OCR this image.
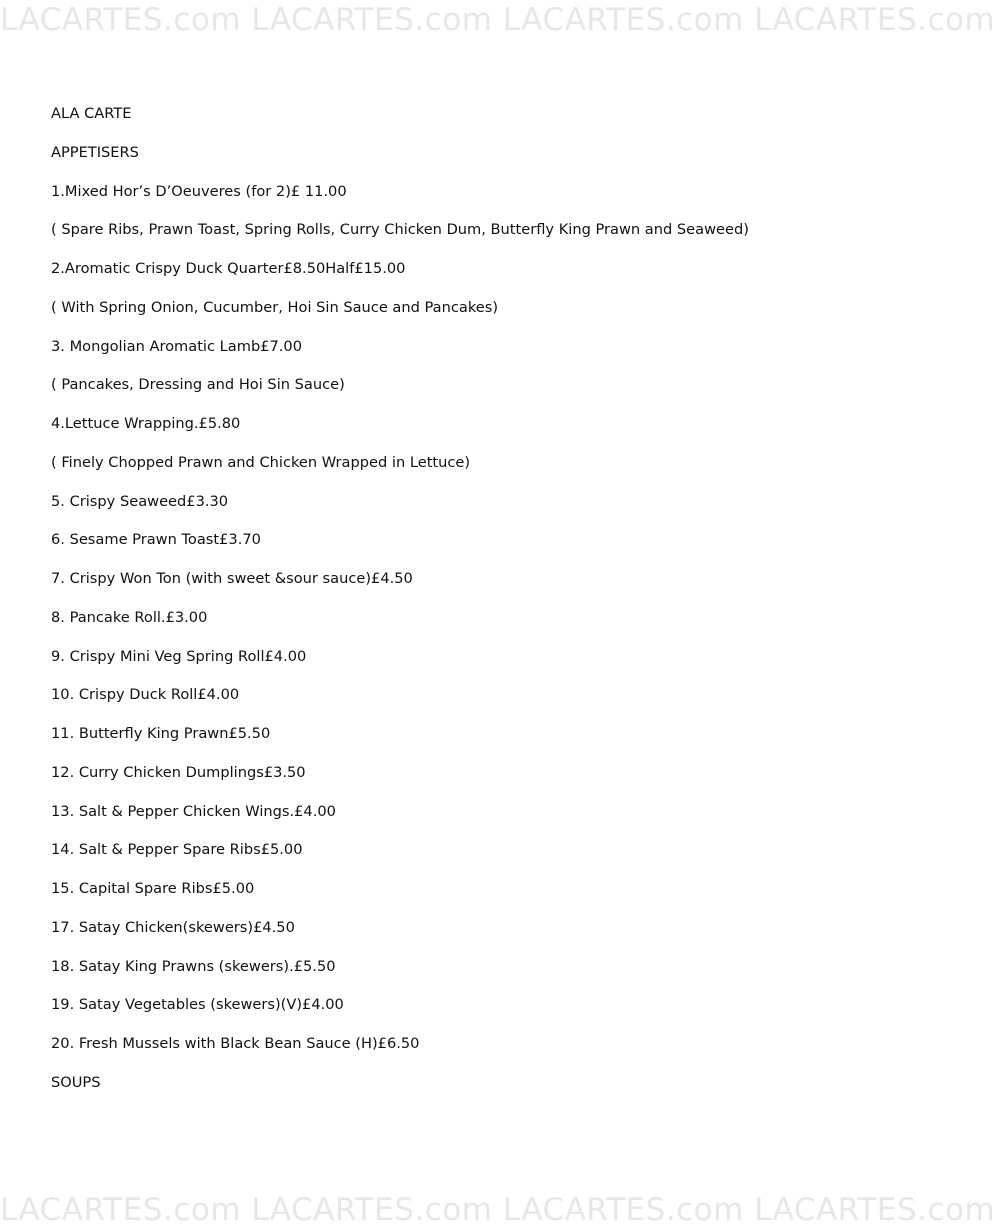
LACARTES.com LACARTES.com LACARTES.com LACARTES.com
ALA CARTE
APPETISERS
1.Mixed Hor’s D’Oeuveres (for 2)£ 11.00
( Spare Ribs, Prawn Toast, Spring Rolls, Curry Chicken Dum, Butterfly King Prawn and Seaweed)
2.Aromatic Crispy Duck Quarter£8.50Half£15.00
( With Spring Onion, Cucumber, Hoi Sin Sauce and Pancakes)
3. Mongolian Aromatic Lamb£7.00
( Pancakes, Dressing and Hoi Sin Sauce)
4.Lettuce Wrapping.£5.80
( Finely Chopped Prawn and Chicken Wrapped in Lettuce)
5. Crispy Seaweed£3.30
6. Sesame Prawn Toast£3.70
7. Crispy Won Ton (with sweet &sour sauce)£4.50
8. Pancake Roll.£3.00
9. Crispy Mini Veg Spring Roll£4.00
10. Crispy Duck Roll£4.00
11. Butterfly King Prawn£5.50
12. Curry Chicken Dumplings£3.50
13. Salt & Pepper Chicken Wings.£4.00
14. Salt & Pepper Spare Ribs£5.00
15. Capital Spare Ribs£5.00
17. Satay Chicken(skewers)£4.50
18. Satay King Prawns (skewers).£5.50
19. Satay Vegetables (skewers)(V)£4.00
20. Fresh Mussels with Black Bean Sauce (H)£6.50
SOUPS
LACARTES.com LACARTES.com LACARTES.com LACARTES.com
